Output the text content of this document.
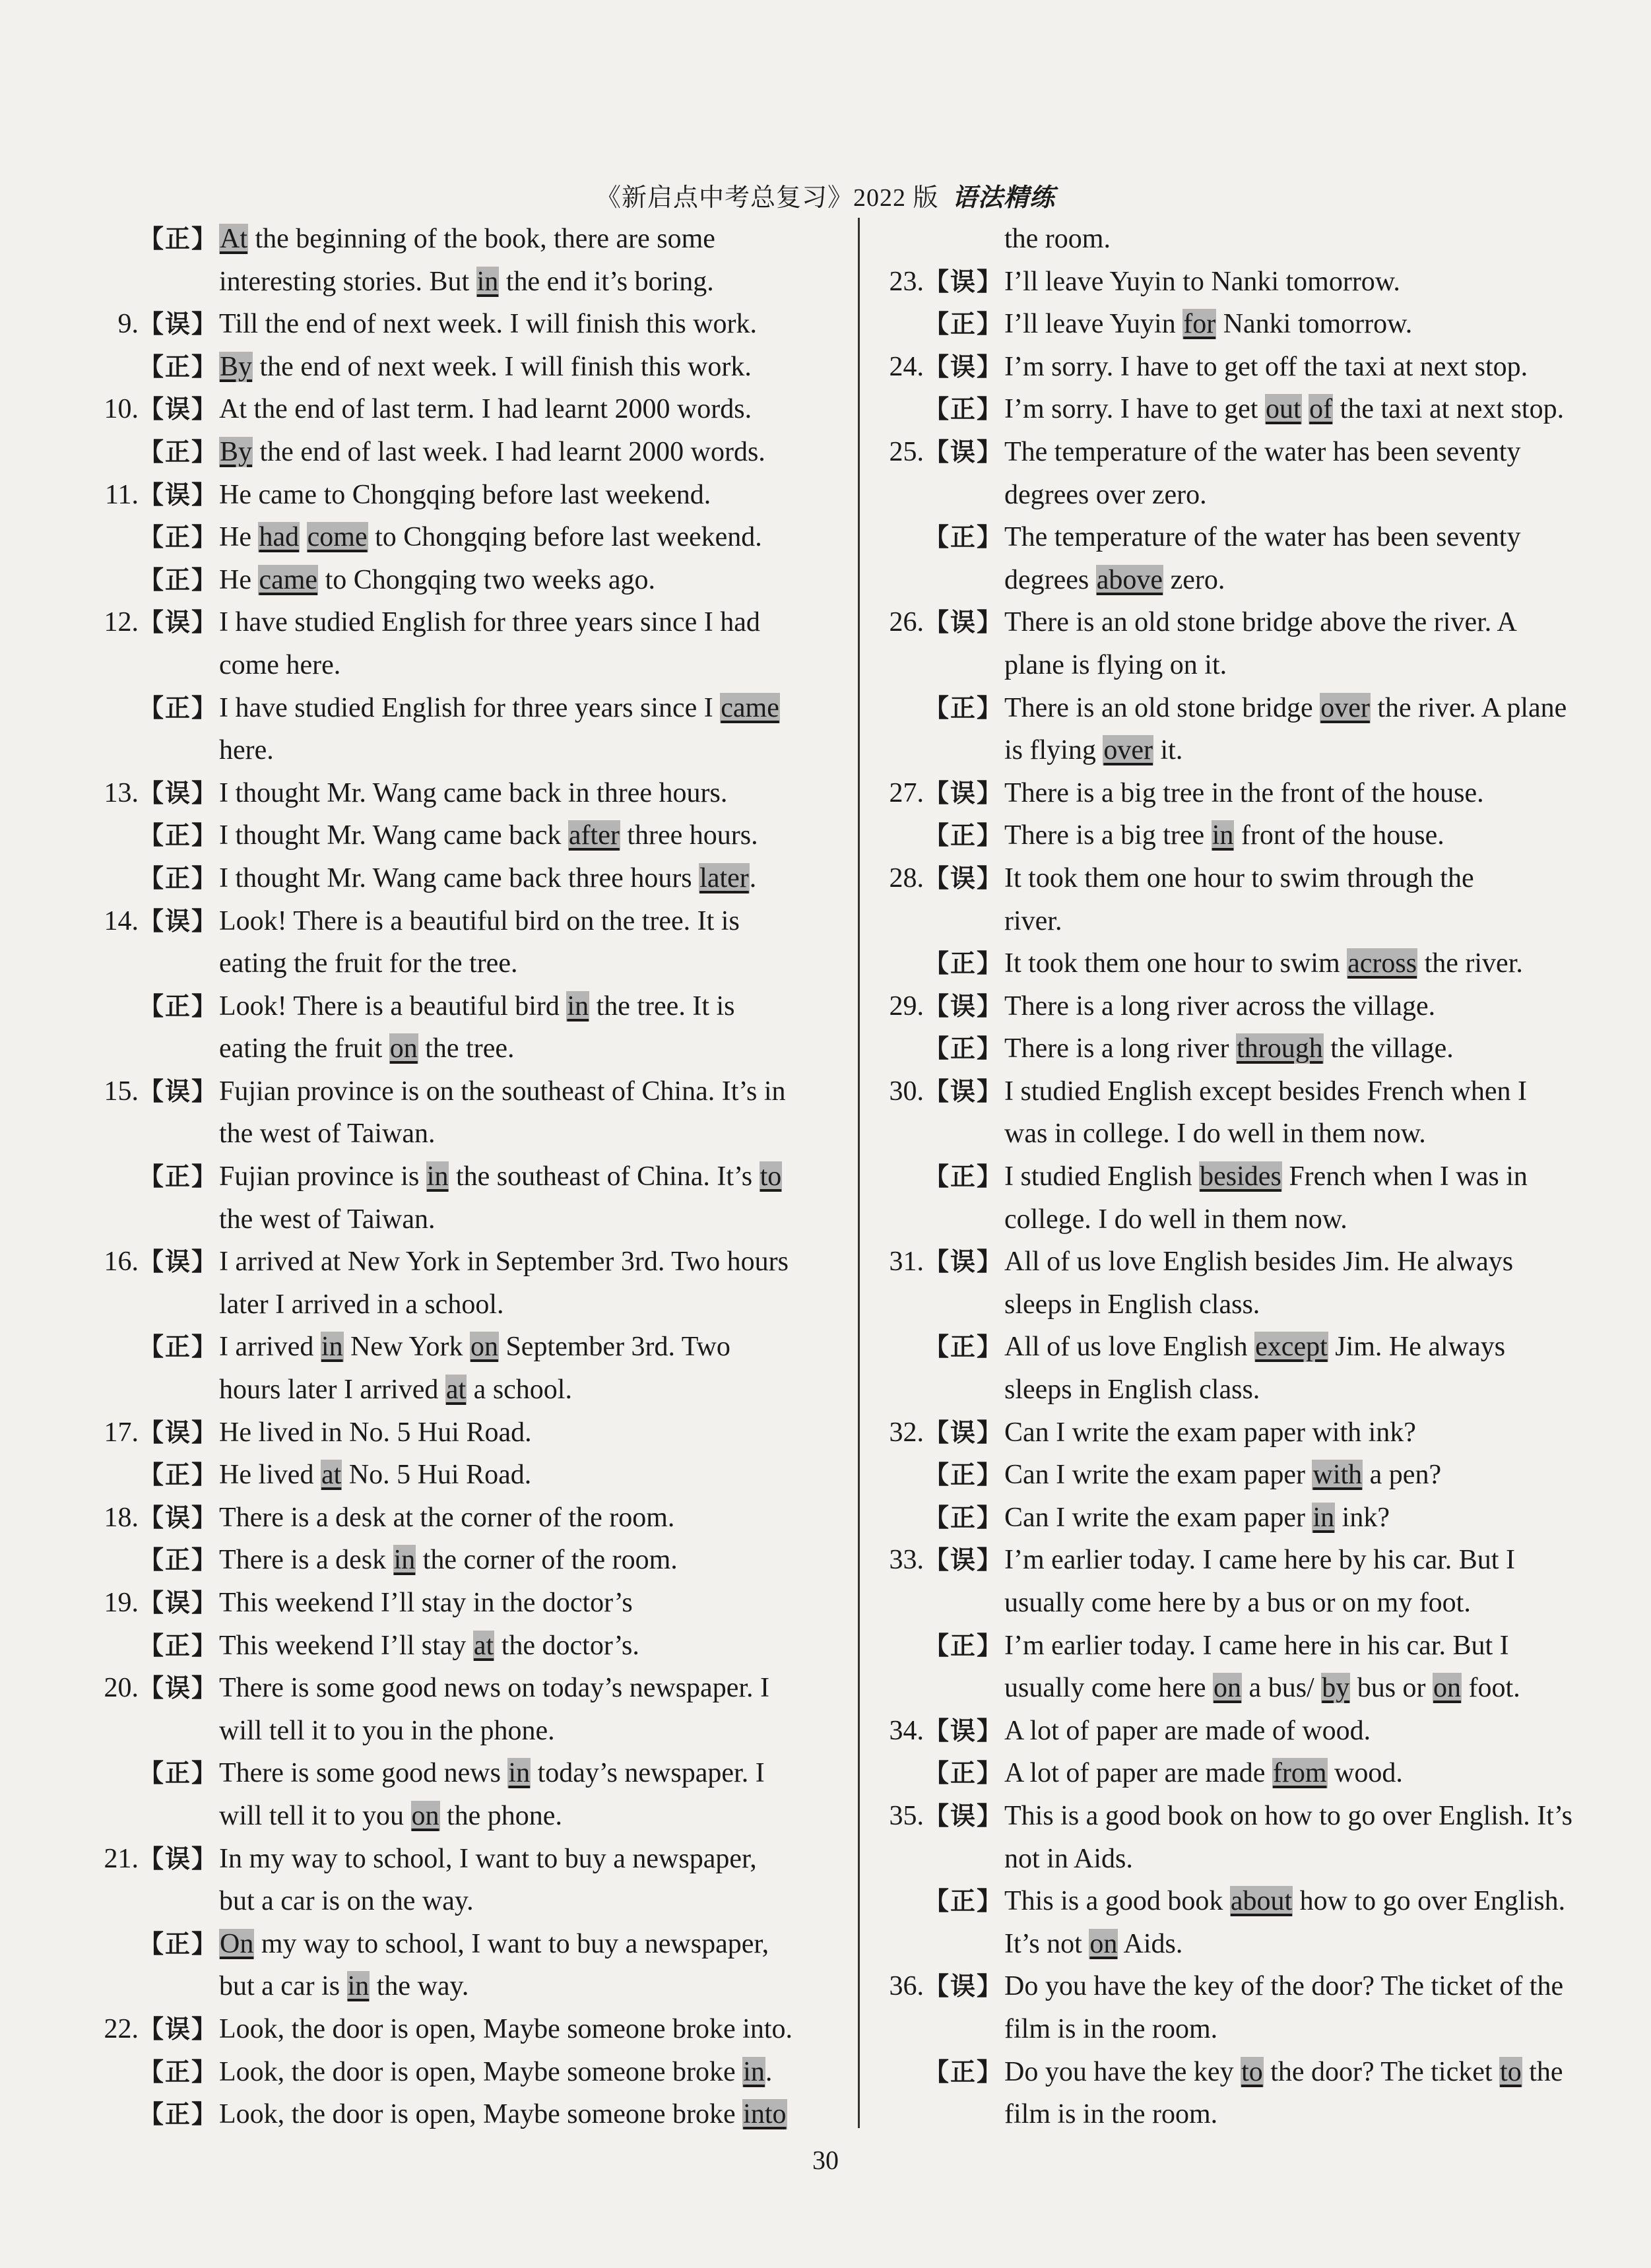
《新启点中考总复习》2022 版 语法精练
【正】 At the beginning of the book, there are some
interesting stories. But in the end it’s boring.
9. 【误】 Till the end of next week. I will finish this work.
【正】 By the end of next week. I will finish this work.
10. 【误】 At the end of last term. I had learnt 2000 words.
【正】 By the end of last week. I had learnt 2000 words.
11. 【误】 He came to Chongqing before last weekend.
【正】 He had come to Chongqing before last weekend.
【正】 He came to Chongqing two weeks ago.
12. 【误】 I have studied English for three years since I had
come here.
【正】 I have studied English for three years since I came
here.
13. 【误】 I thought Mr. Wang came back in three hours.
【正】 I thought Mr. Wang came back after three hours.
【正】 I thought Mr. Wang came back three hours later.
14. 【误】 Look! There is a beautiful bird on the tree. It is
eating the fruit for the tree.
【正】 Look! There is a beautiful bird in the tree. It is
eating the fruit on the tree.
15. 【误】 Fujian province is on the southeast of China. It’s in
the west of Taiwan.
【正】 Fujian province is in the southeast of China. It’s to
the west of Taiwan.
16. 【误】 I arrived at New York in September 3rd. Two hours
later I arrived in a school.
【正】 I arrived in New York on September 3rd. Two
hours later I arrived at a school.
17. 【误】 He lived in No. 5 Hui Road.
【正】 He lived at No. 5 Hui Road.
18. 【误】 There is a desk at the corner of the room.
【正】 There is a desk in the corner of the room.
19. 【误】 This weekend I’ll stay in the doctor’s
【正】 This weekend I’ll stay at the doctor’s.
20. 【误】 There is some good news on today’s newspaper. I
will tell it to you in the phone.
【正】 There is some good news in today’s newspaper. I
will tell it to you on the phone.
21. 【误】 In my way to school, I want to buy a newspaper,
but a car is on the way.
【正】 On my way to school, I want to buy a newspaper,
but a car is in the way.
22. 【误】 Look, the door is open, Maybe someone broke into.
【正】 Look, the door is open, Maybe someone broke in.
【正】 Look, the door is open, Maybe someone broke into
the room.
23. 【误】 I’ll leave Yuyin to Nanki tomorrow.
【正】 I’ll leave Yuyin for Nanki tomorrow.
24. 【误】 I’m sorry. I have to get off the taxi at next stop.
【正】 I’m sorry. I have to get out of the taxi at next stop.
25. 【误】 The temperature of the water has been seventy
degrees over zero.
【正】 The temperature of the water has been seventy
degrees above zero.
26. 【误】 There is an old stone bridge above the river. A
plane is flying on it.
【正】 There is an old stone bridge over the river. A plane
is flying over it.
27. 【误】 There is a big tree in the front of the house.
【正】 There is a big tree in front of the house.
28. 【误】 It took them one hour to swim through the
river.
【正】 It took them one hour to swim across the river.
29. 【误】 There is a long river across the village.
【正】 There is a long river through the village.
30. 【误】 I studied English except besides French when I
was in college. I do well in them now.
【正】 I studied English besides French when I was in
college. I do well in them now.
31. 【误】 All of us love English besides Jim. He always
sleeps in English class.
【正】 All of us love English except Jim. He always
sleeps in English class.
32. 【误】 Can I write the exam paper with ink?
【正】 Can I write the exam paper with a pen?
【正】 Can I write the exam paper in ink?
33. 【误】 I’m earlier today. I came here by his car. But I
usually come here by a bus or on my foot.
【正】 I’m earlier today. I came here in his car. But I
usually come here on a bus/ by bus or on foot.
34. 【误】 A lot of paper are made of wood.
【正】 A lot of paper are made from wood.
35. 【误】 This is a good book on how to go over English. It’s
not in Aids.
【正】 This is a good book about how to go over English.
It’s not on Aids.
36. 【误】 Do you have the key of the door? The ticket of the
film is in the room.
【正】 Do you have the key to the door? The ticket to the
film is in the room.
30
